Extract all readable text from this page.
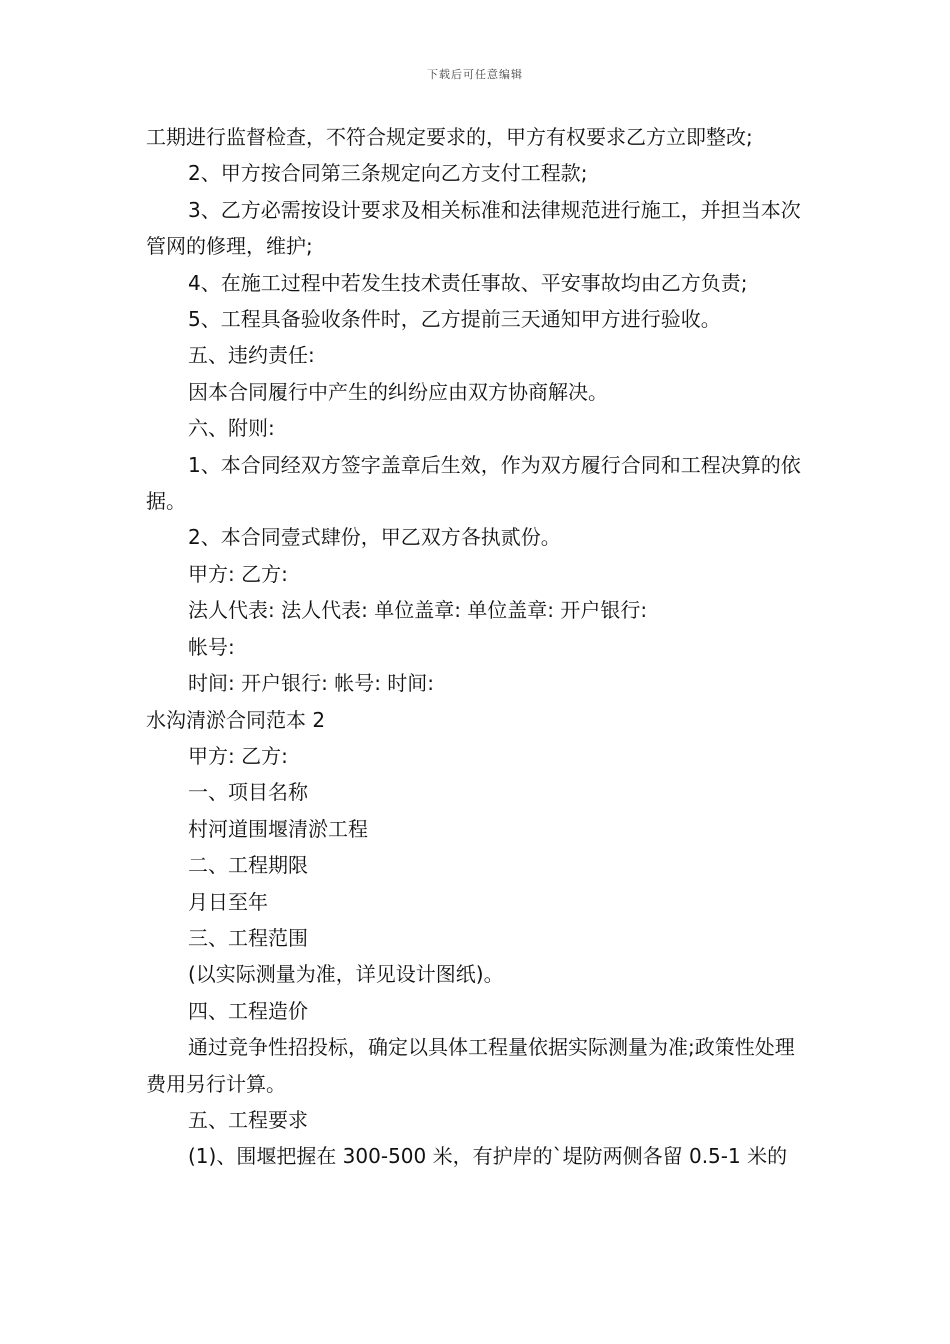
下载后可任意编辑

工期进行监督检查，不符合规定要求的，甲方有权要求乙方立即整改;

2、甲方按合同第三条规定向乙方支付工程款;

3、乙方必需按设计要求及相关标准和法律规范进行施工，并担当本次管网的修理，维护;

4、在施工过程中若发生技术责任事故、平安事故均由乙方负责;

5、工程具备验收条件时，乙方提前三天通知甲方进行验收。

五、违约责任:

因本合同履行中产生的纠纷应由双方协商解决。

六、附则:

1、本合同经双方签字盖章后生效，作为双方履行合同和工程决算的依据。

2、本合同壹式肆份，甲乙双方各执贰份。

甲方: 乙方:

法人代表: 法人代表: 单位盖章: 单位盖章: 开户银行:

帐号:

时间: 开户银行: 帐号: 时间:

水沟清淤合同范本 2

甲方: 乙方:

一、项目名称

村河道围堰清淤工程

二、工程期限

月日至年

三、工程范围

(以实际测量为准，详见设计图纸)。

四、工程造价

通过竞争性招投标，确定以具体工程量依据实际测量为准;政策性处理费用另行计算。

五、工程要求

(1)、围堰把握在 300-500 米，有护岸的`堤防两侧各留 0.5-1 米的
